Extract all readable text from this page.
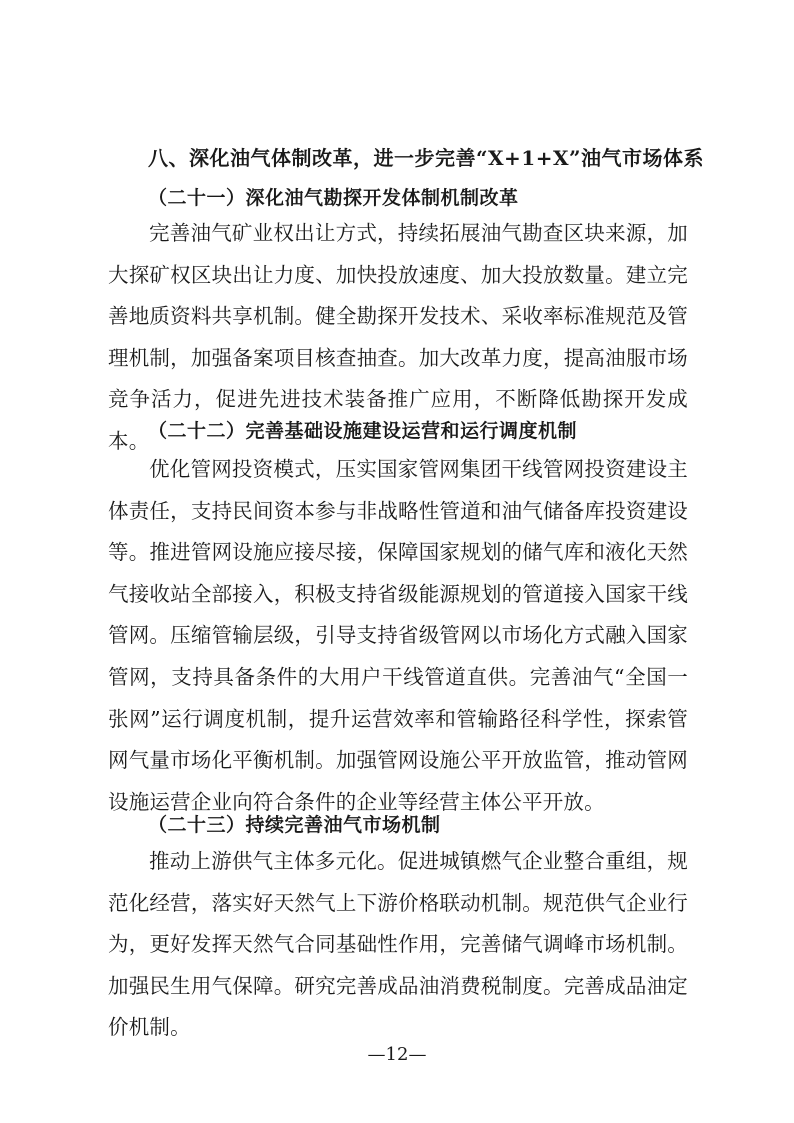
八、深化油气体制改革，进一步完善“X+1+X”油气市场体系
（二十一）深化油气勘探开发体制机制改革

完善油气矿业权出让方式，持续拓展油气勘查区块来源，加大探矿权区块出让力度、加快投放速度、加大投放数量。建立完善地质资料共享机制。健全勘探开发技术、采收率标准规范及管理机制，加强备案项目核查抽查。加大改革力度，提高油服市场竞争活力，促进先进技术装备推广应用，不断降低勘探开发成本。

（二十二）完善基础设施建设运营和运行调度机制

优化管网投资模式，压实国家管网集团干线管网投资建设主体责任，支持民间资本参与非战略性管道和油气储备库投资建设等。推进管网设施应接尽接，保障国家规划的储气库和液化天然气接收站全部接入，积极支持省级能源规划的管道接入国家干线管网。压缩管输层级，引导支持省级管网以市场化方式融入国家管网，支持具备条件的大用户干线管道直供。完善油气“全国一张网”运行调度机制，提升运营效率和管输路径科学性，探索管网气量市场化平衡机制。加强管网设施公平开放监管，推动管网设施运营企业向符合条件的企业等经营主体公平开放。

（二十三）持续完善油气市场机制

推动上游供气主体多元化。促进城镇燃气企业整合重组，规范化经营，落实好天然气上下游价格联动机制。规范供气企业行为，更好发挥天然气合同基础性作用，完善储气调峰市场机制。加强民生用气保障。研究完善成品油消费税制度。完善成品油定价机制。

—12—
